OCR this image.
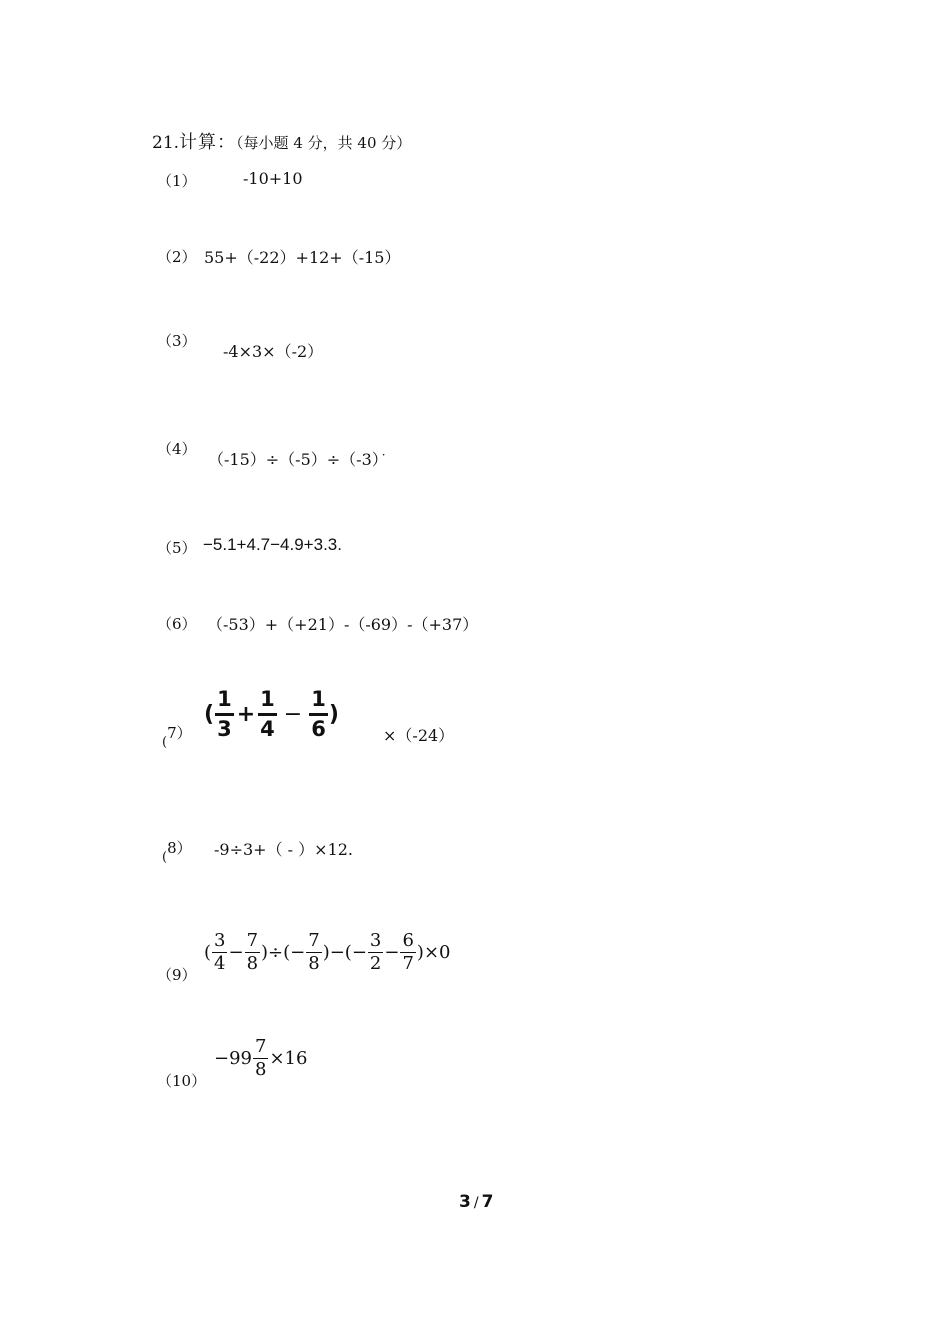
21.计算：（每小题 4 分，共 40 分）
（1）	-10+10
（2） 55+（-22）+12+（-15）
（3）
-4×3×（-2）
（4）
（-15）÷（-5）÷（-3） ·
（5） −5.1+4.7−4.9+3.3.
（6） （-53）+（+21）-（-69）-（+37）
(7）
( $\frac{1}{3} + \frac{1}{4} - \frac{1}{6}$ )
×（-24）
(8） -9÷3+（ - ）×12.
（9）
( $\frac{3}{4} - \frac{7}{8}$ )÷(− $\frac{7}{8}$ )−(− $\frac{3}{2} - \frac{6}{7} )\times 0$
（10）
$-99 \frac{7}{8} \times 16$
3 / 7
